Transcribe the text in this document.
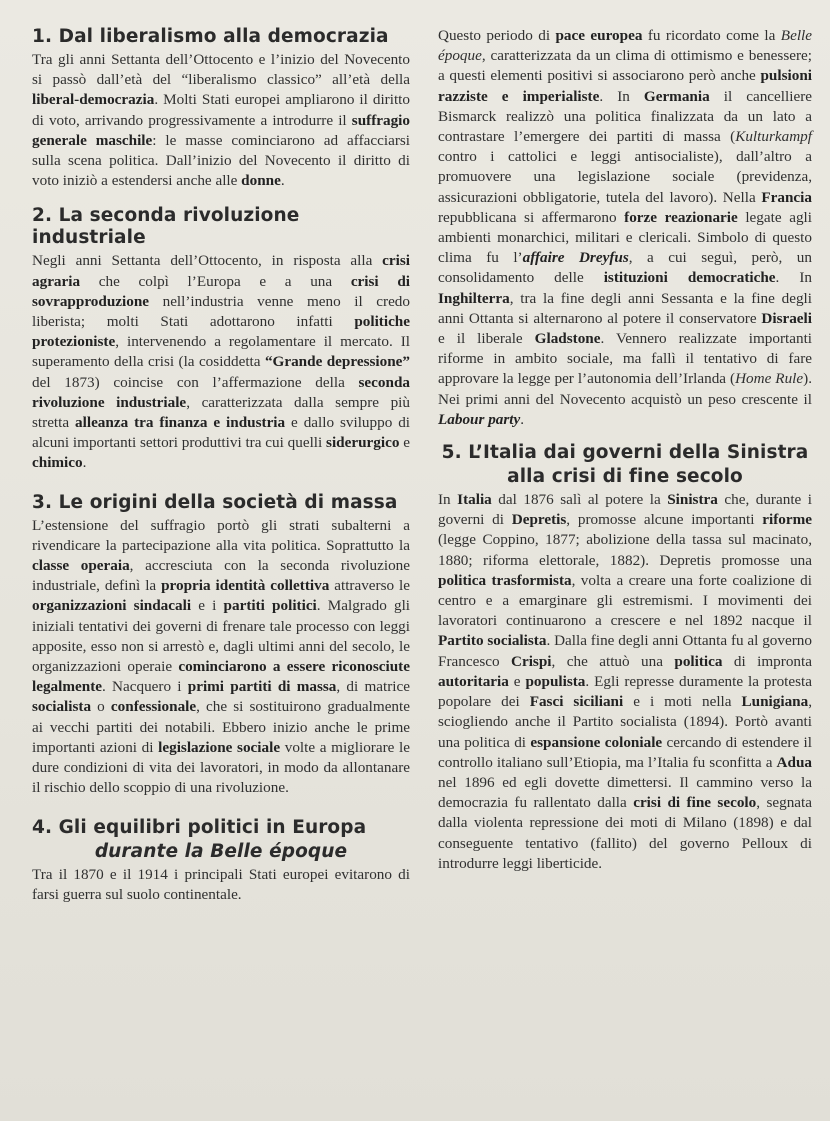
1. Dal liberalismo alla democrazia

Tra gli anni Settanta dell’Ottocento e l’inizio del Novecento si passò dall’età del “liberalismo classico” all’età della liberal-democrazia. Molti Stati europei ampliarono il diritto di voto, arrivando progressivamente a introdurre il suffragio generale maschile: le masse cominciarono ad affacciarsi sulla scena politica. Dall’inizio del Novecento il diritto di voto iniziò a estendersi anche alle donne.

2. La seconda rivoluzione industriale

Negli anni Settanta dell’Ottocento, in risposta alla crisi agraria che colpì l’Europa e a una crisi di sovrapproduzione nell’industria venne meno il credo liberista; molti Stati adottarono infatti politiche protezioniste, intervenendo a regolamentare il mercato. Il superamento della crisi (la cosiddetta “Grande depressione” del 1873) coincise con l’affermazione della seconda rivoluzione industriale, caratterizzata dalla sempre più stretta alleanza tra finanza e industria e dallo sviluppo di alcuni importanti settori produttivi tra cui quelli siderurgico e chimico.

3. Le origini della società di massa

L’estensione del suffragio portò gli strati subalterni a rivendicare la partecipazione alla vita politica. Soprattutto la classe operaia, accresciuta con la seconda rivoluzione industriale, definì la propria identità collettiva attraverso le organizzazioni sindacali e i partiti politici. Malgrado gli iniziali tentativi dei governi di frenare tale processo con leggi apposite, esso non si arrestò e, dagli ultimi anni del secolo, le organizzazioni operaie cominciarono a essere riconosciute legalmente. Nacquero i primi partiti di massa, di matrice socialista o confessionale, che si sostituirono gradualmente ai vecchi partiti dei notabili. Ebbero inizio anche le prime importanti azioni di legislazione sociale volte a migliorare le dure condizioni di vita dei lavoratori, in modo da allontanare il rischio dello scoppio di una rivoluzione.

4. Gli equilibri politici in Europa
durante la Belle époque

Tra il 1870 e il 1914 i principali Stati europei evitarono di farsi guerra sul suolo continentale.

Questo periodo di pace europea fu ricordato come la Belle époque, caratterizzata da un clima di ottimismo e benessere; a questi elementi positivi si associarono però anche pulsioni razziste e imperialiste. In Germania il cancelliere Bismarck realizzò una politica finalizzata da un lato a contrastare l’emergere dei partiti di massa (Kulturkampf contro i cattolici e leggi antisocialiste), dall’altro a promuovere una legislazione sociale (previdenza, assicurazioni obbligatorie, tutela del lavoro). Nella Francia repubblicana si affermarono forze reazionarie legate agli ambienti monarchici, militari e clericali. Simbolo di questo clima fu l’affaire Dreyfus, a cui seguì, però, un consolidamento delle istituzioni democratiche. In Inghilterra, tra la fine degli anni Sessanta e la fine degli anni Ottanta si alternarono al potere il conservatore Disraeli e il liberale Gladstone. Vennero realizzate importanti riforme in ambito sociale, ma fallì il tentativo di fare approvare la legge per l’autonomia dell’Irlanda (Home Rule). Nei primi anni del Novecento acquistò un peso crescente il Labour party.

5. L’Italia dai governi della Sinistra
alla crisi di fine secolo

In Italia dal 1876 salì al potere la Sinistra che, durante i governi di Depretis, promosse alcune importanti riforme (legge Coppino, 1877; abolizione della tassa sul macinato, 1880; riforma elettorale, 1882). Depretis promosse una politica trasformista, volta a creare una forte coalizione di centro e a emarginare gli estremismi. I movimenti dei lavoratori continuarono a crescere e nel 1892 nacque il Partito socialista. Dalla fine degli anni Ottanta fu al governo Francesco Crispi, che attuò una politica di impronta autoritaria e populista. Egli represse duramente la protesta popolare dei Fasci siciliani e i moti nella Lunigiana, sciogliendo anche il Partito socialista (1894). Portò avanti una politica di espansione coloniale cercando di estendere il controllo italiano sull’Etiopia, ma l’Italia fu sconfitta a Adua nel 1896 ed egli dovette dimettersi. Il cammino verso la democrazia fu rallentato dalla crisi di fine secolo, segnata dalla violenta repressione dei moti di Milano (1898) e dal conseguente tentativo (fallito) del governo Pelloux di introdurre leggi liberticide.
